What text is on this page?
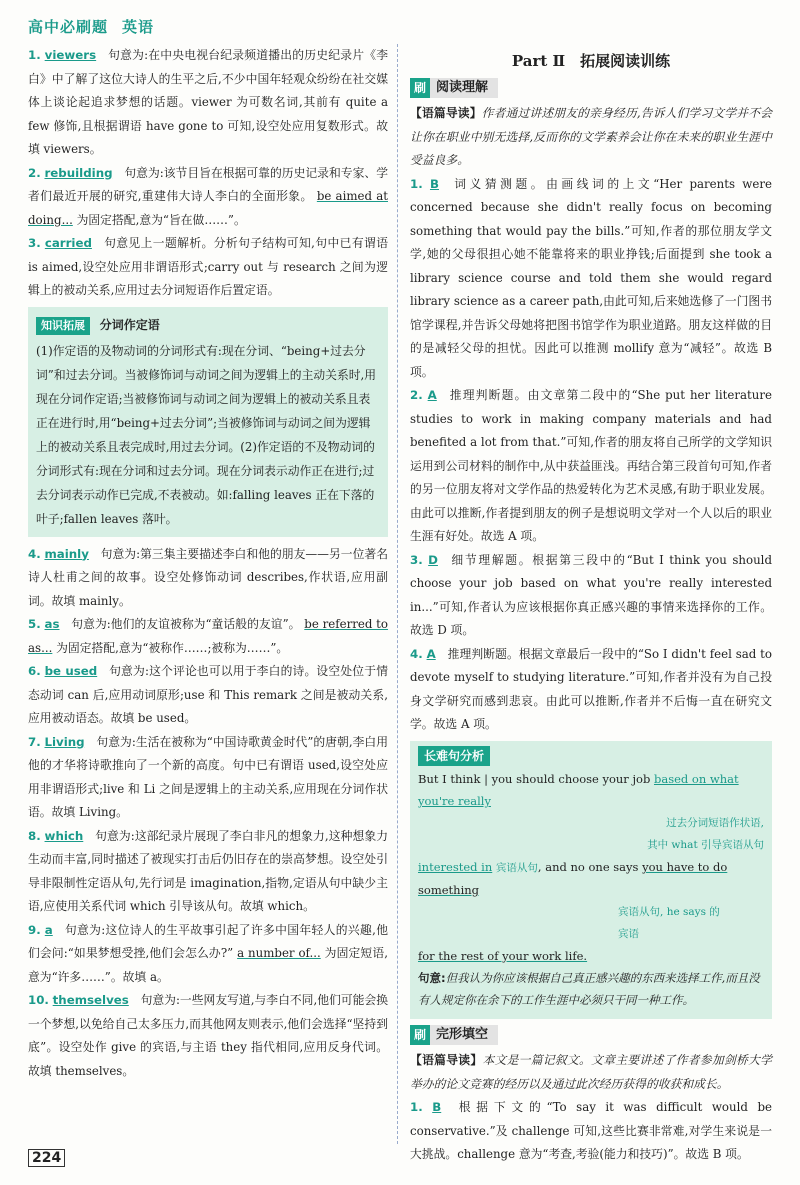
高中必刷题 英语
1. viewers 句意为:在中央电视台纪录频道播出的历史纪录片《李白》中了解了这位大诗人的生平之后,不少中国年轻观众纷纷在社交媒体上谈论起追求梦想的话题。viewer 为可数名词,其前有 quite a few 修饰,且根据谓语 have gone to 可知,设空处应用复数形式。故填 viewers。
2. rebuilding 句意为:该节目旨在根据可靠的历史记录和专家、学者们最近开展的研究,重建伟大诗人李白的全面形象。 be aimed at doing... 为固定搭配,意为“旨在做……”。
3. carried 句意见上一题解析。分析句子结构可知,句中已有谓语 is aimed,设空处应用非谓语形式;carry out 与 research 之间为逻辑上的被动关系,应用过去分词短语作后置定语。
知识拓展 分词作定语
(1)作定语的及物动词的分词形式有:现在分词、“being+过去分词”和过去分词。当被修饰词与动词之间为逻辑上的主动关系时,用现在分词作定语;当被修饰词与动词之间为逻辑上的被动关系且表正在进行时,用“being+过去分词”;当被修饰词与动词之间为逻辑上的被动关系且表完成时,用过去分词。(2)作定语的不及物动词的分词形式有:现在分词和过去分词。现在分词表示动作正在进行;过去分词表示动作已完成,不表被动。如:falling leaves 正在下落的叶子;fallen leaves 落叶。
4. mainly 句意为:第三集主要描述李白和他的朋友——另一位著名诗人杜甫之间的故事。设空处修饰动词 describes,作状语,应用副词。故填 mainly。
5. as 句意为:他们的友谊被称为“童话般的友谊”。 be referred to as... 为固定搭配,意为“被称作……;被称为……”。
6. be used 句意为:这个评论也可以用于李白的诗。设空处位于情态动词 can 后,应用动词原形;use 和 This remark 之间是被动关系,应用被动语态。故填 be used。
7. Living 句意为:生活在被称为“中国诗歌黄金时代”的唐朝,李白用他的才华将诗歌推向了一个新的高度。句中已有谓语 used,设空处应用非谓语形式;live 和 Li 之间是逻辑上的主动关系,应用现在分词作状语。故填 Living。
8. which 句意为:这部纪录片展现了李白非凡的想象力,这种想象力生动而丰富,同时描述了被现实打击后仍旧存在的崇高梦想。设空处引导非限制性定语从句,先行词是 imagination,指物,定语从句中缺少主语,应使用关系代词 which 引导该从句。故填 which。
9. a 句意为:这位诗人的生平故事引起了许多中国年轻人的兴趣,他们会问:“如果梦想受挫,他们会怎么办?” a number of... 为固定短语,意为“许多……”。故填 a。
10. themselves 句意为:一些网友写道,与李白不同,他们可能会换一个梦想,以免给自己太多压力,而其他网友则表示,他们会选择“坚持到底”。设空处作 give 的宾语,与主语 they 指代相同,应用反身代词。故填 themselves。
Part Ⅱ　拓展阅读训练
刷 阅读理解
【语篇导读】作者通过讲述朋友的亲身经历,告诉人们学习文学并不会让你在职业中别无选择,反而你的文学素养会让你在未来的职业生涯中受益良多。
1. B 词义猜测题。由画线词的上文“Her parents were concerned because she didn't really focus on becoming something that would pay the bills.”可知,作者的那位朋友学文学,她的父母很担心她不能靠将来的职业挣钱;后面提到 she took a library science course and told them she would regard library science as a career path,由此可知,后来她选修了一门图书馆学课程,并告诉父母她将把图书馆学作为职业道路。朋友这样做的目的是减轻父母的担忧。因此可以推测 mollify 意为“减轻”。故选 B 项。
2. A 推理判断题。由文章第二段中的“She put her literature studies to work in making company materials and had benefited a lot from that.”可知,作者的朋友将自己所学的文学知识运用到公司材料的制作中,从中获益匪浅。再结合第三段首句可知,作者的另一位朋友将对文学作品的热爱转化为艺术灵感,有助于职业发展。由此可以推断,作者提到朋友的例子是想说明文学对一个人以后的职业生涯有好处。故选 A 项。
3. D 细节理解题。根据第三段中的“But I think you should choose your job based on what you're really interested in...”可知,作者认为应该根据你真正感兴趣的事情来选择你的工作。故选 D 项。
4. A 推理判断题。根据文章最后一段中的“So I didn't feel sad to devote myself to studying literature.”可知,作者并没有为自己投身文学研究而感到悲哀。由此可以推断,作者并不后悔一直在研究文学。故选 A 项。
长难句分析
But I think | you should choose your job based on what you're really
过去分词短语作状语,
其中 what 引导宾语从句
interested in 宾语从句, and no one says you have to do something
宾语从句, he says 的
宾语
for the rest of your work life.
句意:但我认为你应该根据自己真正感兴趣的东西来选择工作,而且没有人规定你在余下的工作生涯中必须只干同一种工作。
刷 完形填空
【语篇导读】本文是一篇记叙文。文章主要讲述了作者参加剑桥大学举办的论文竞赛的经历以及通过此次经历获得的收获和成长。
1. B 根据下文的“To say it was difficult would be conservative.”及 challenge 可知,这些比赛非常难,对学生来说是一大挑战。challenge 意为“考查,考验(能力和技巧)”。故选 B 项。
224
